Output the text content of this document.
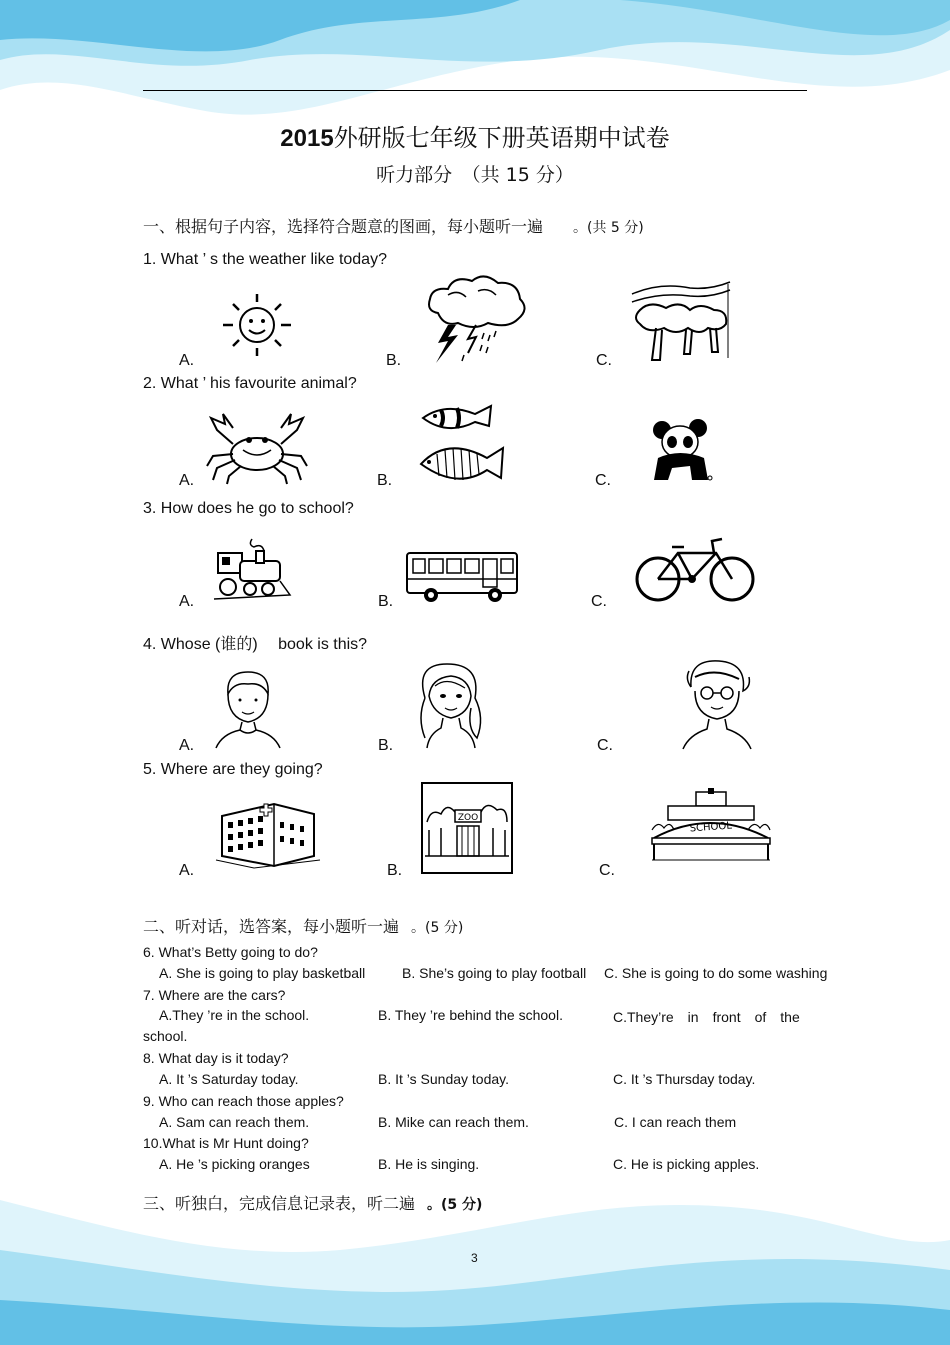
2015外研版七年级下册英语期中试卷
听力部分　（共 15 分）
一、根据句子内容，选择符合题意的图画，每小题听一遍 。(共 5 分)
1. What ’ s the weather like today?
A.	B.	C.
2. What ’ his favourite animal?
A.	B.	C.
3. How does he go to school?
A.	B.	C.
4. Whose (谁的)　 book is this?
A.	B.	C.
5. Where are they going?
A.	B.	C.
ZOO
SCHOOL
二、听对话，选答案，每小题听一遍 。(5 分)
6. What’s Betty going to do?
A. She is going to play basketball	B. She’s going to play football C. She is going to do some washing
7. Where are the cars?
A.They ’re in the school.	B. They ’re behind the school.	C.They’re　in　front　of　the
school.
8. What day is it today?
A. It ’s Saturday today.	B. It ’s Sunday today.	C. It ’s Thursday today.
9. Who can reach those apples?
A. Sam can reach them.	B. Mike can reach them.	C. I can reach them
10.What is Mr Hunt doing?
A. He ’s picking oranges	B. He is singing.	C. He is picking apples.
三、听独白，完成信息记录表，听二遍 。(5 分)
3
